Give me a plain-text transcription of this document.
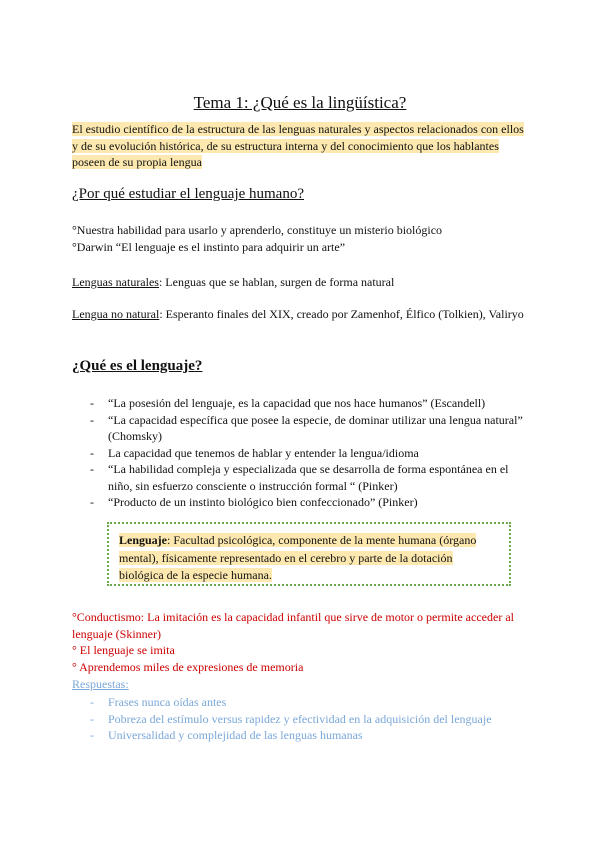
Tema 1: ¿Qué es la lingüística?
El estudio científico de la estructura de las lenguas naturales y aspectos relacionados con ellos y de su evolución histórica, de su estructura interna y del conocimiento que los hablantes poseen de su propia lengua
¿Por qué estudiar el lenguaje humano?
°Nuestra habilidad para usarlo y aprenderlo, constituye un misterio biológico
°Darwin “El lenguaje es el instinto para adquirir un arte”
Lenguas naturales: Lenguas que se hablan, surgen de forma natural
Lengua no natural: Esperanto finales del XIX, creado por Zamenhof, Élfico (Tolkien), Valiryo
¿Qué es el lenguaje?
- “La posesión del lenguaje, es la capacidad que nos hace humanos” (Escandell)
- “La capacidad específica que posee la especie, de dominar utilizar una lengua natural” (Chomsky)
- La capacidad que tenemos de hablar y entender la lengua/idioma
- “La habilidad compleja y especializada que se desarrolla de forma espontánea en el niño, sin esfuerzo consciente o instrucción formal “ (Pinker)
- “Producto de un instinto biológico bien confeccionado” (Pinker)
Lenguaje: Facultad psicológica, componente de la mente humana (órgano mental), físicamente representado en el cerebro y parte de la dotación biológica de la especie humana.
°Conductismo: La imitación es la capacidad infantil que sirve de motor o permite acceder al lenguaje (Skinner)
° El lenguaje se imita
° Aprendemos miles de expresiones de memoria
Respuestas:
- Frases nunca oídas antes
- Pobreza del estímulo versus rapidez y efectividad en la adquisición del lenguaje
- Universalidad y complejidad de las lenguas humanas
